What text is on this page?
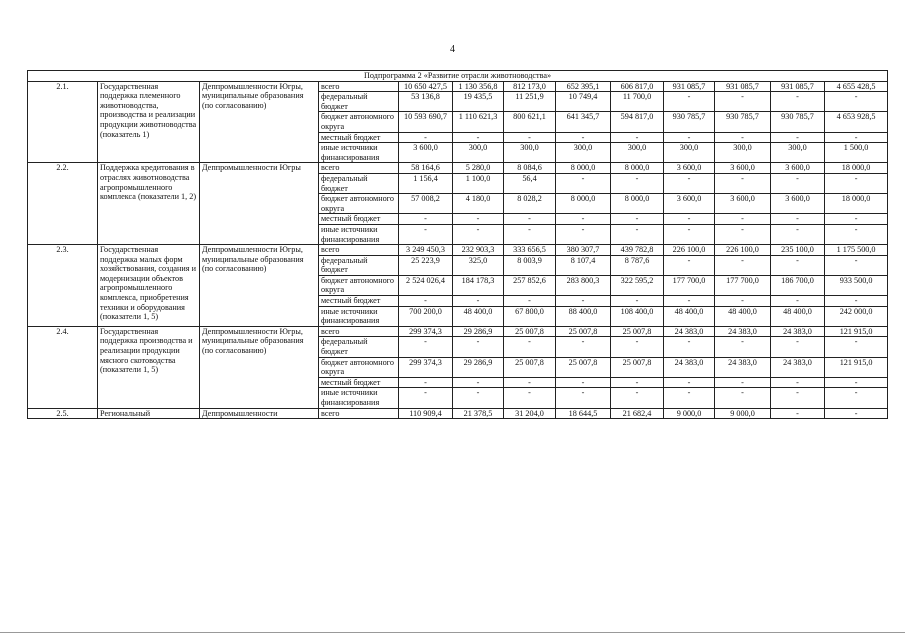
4
Подпрограмма 2 «Развитие отрасли животноводства»												
2.1.	Государственная поддержка племенного животноводства, производства и реализации продукции животноводства (показатель 1)	Деппромышленности Югры, муниципальные образования (по согласованию)	всего	10 650 427,5	1 130 356,8	812 173,0	652 395,1	606 817,0	931 085,7	931 085,7	931 085,7	4 655 428,5
			федеральный бюджет	53 136,8	19 435,5	11 251,9	10 749,4	11 700,0	-	-	-	-
			бюджет автономного округа	10 593 690,7	1 110 621,3	800 621,1	641 345,7	594 817,0	930 785,7	930 785,7	930 785,7	4 653 928,5
			местный бюджет	-	-	-	-	-	-	-	-	-
			иные источники финансирования	3 600,0	300,0	300,0	300,0	300,0	300,0	300,0	300,0	1 500,0
2.2.	Поддержка кредитования в отраслях животноводства агропромышленного комплекса (показатели 1, 2)	Деппромышленности Югры	всего	58 164,6	5 280,0	8 084,6	8 000,0	8 000,0	3 600,0	3 600,0	3 600,0	18 000,0
			федеральный бюджет	1 156,4	1 100,0	56,4	-	-	-	-	-	-
			бюджет автономного округа	57 008,2	4 180,0	8 028,2	8 000,0	8 000,0	3 600,0	3 600,0	3 600,0	18 000,0
			местный бюджет	-	-	-	-	-	-	-	-	-
			иные источники финансирования	-	-	-	-	-	-	-	-	-
2.3.	Государственная поддержка малых форм хозяйствования, создания и модернизации объектов агропромышленного комплекса, приобретения техники и оборудования (показатели 1, 5)	Деппромышленности Югры, муниципальные образования (по согласованию)	всего	3 249 450,3	232 903,3	333 656,5	380 307,7	439 782,8	226 100,0	226 100,0	235 100,0	1 175 500,0
			федеральный бюджет	25 223,9	325,0	8 003,9	8 107,4	8 787,6	-	-	-	-
			бюджет автономного округа	2 524 026,4	184 178,3	257 852,6	283 800,3	322 595,2	177 700,0	177 700,0	186 700,0	933 500,0
			местный бюджет	-	-	-	-	-	-	-	-	-
			иные источники финансирования	700 200,0	48 400,0	67 800,0	88 400,0	108 400,0	48 400,0	48 400,0	48 400,0	242 000,0
2.4.	Государственная поддержка производства и реализации продукции мясного скотоводства (показатели 1, 5)	Деппромышленности Югры, муниципальные образования (по согласованию)	всего	299 374,3	29 286,9	25 007,8	25 007,8	25 007,8	24 383,0	24 383,0	24 383,0	121 915,0
			федеральный бюджет	-	-	-	-	-	-	-	-	-
			бюджет автономного округа	299 374,3	29 286,9	25 007,8	25 007,8	25 007,8	24 383,0	24 383,0	24 383,0	121 915,0
			местный бюджет	-	-	-	-	-	-	-	-	-
			иные источники финансирования	-	-	-	-	-	-	-	-	-
2.5.	Региональный	Деппромышленности	всего	110 909,4	21 378,5	31 204,0	18 644,5	21 682,4	9 000,0	9 000,0	-	-
